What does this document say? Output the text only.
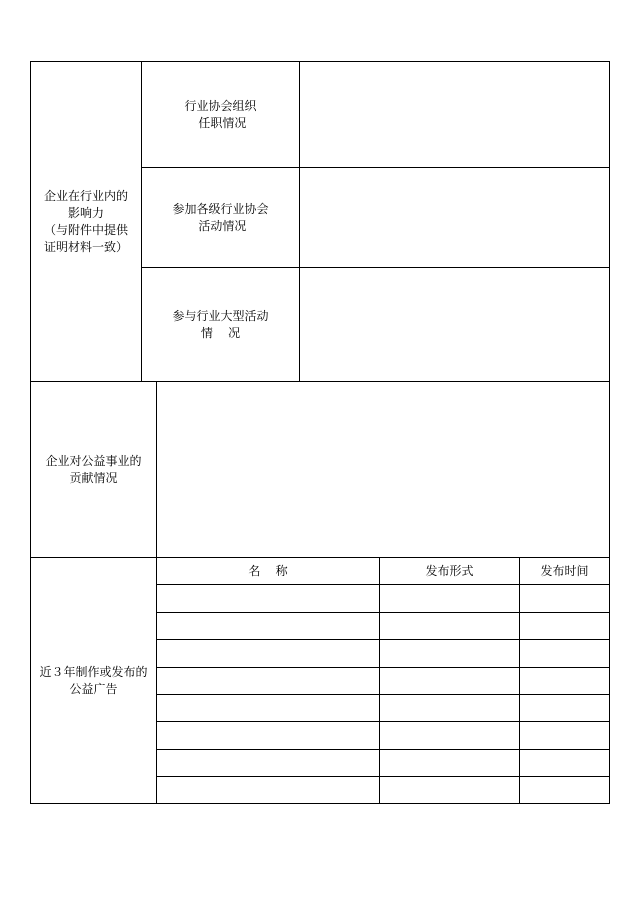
企业在行业内的
影响力
（与附件中提供
证明材料一致）
行业协会组织
任职情况
参加各级行业协会
活动情况
参与行业大型活动
情    况
企业对公益事业的
贡献情况
近３年制作或发布的
公益广告
名    称	发布形式	发布时间
